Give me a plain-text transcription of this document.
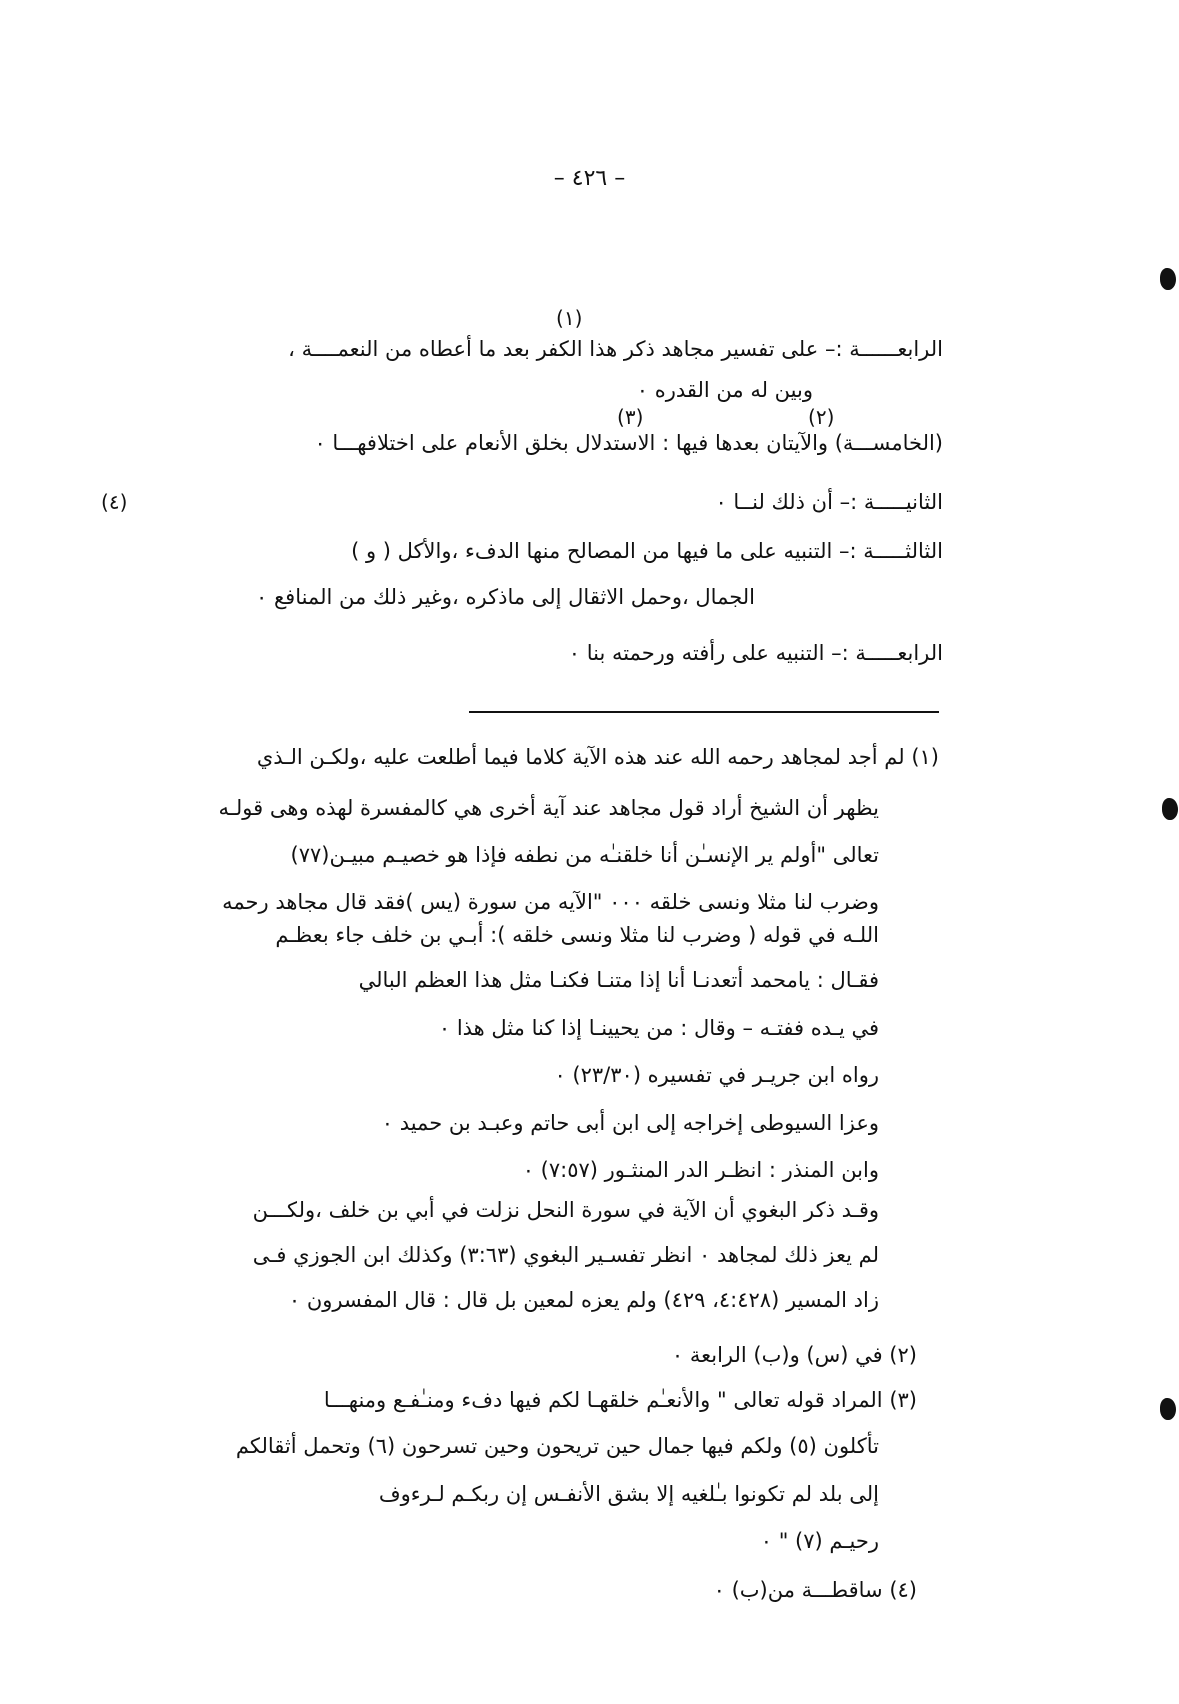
– ٤٢٦ –
(١)
الرابعــــــة :– على تفسير مجاهد ذكر هذا الكفر بعد ما أعطاه من النعمــــة ،
وبين له من القدره ٠
(٣)	(٢)
(الخامســـة) والآيتان بعدها فيها : الاستدلال بخلق الأنعام على اختلافهـــا ٠
(٤)	الثانيـــــة :– أن ذلك لنــا ٠
الثالثـــــة :– التنبيه على ما فيها من المصالح منها الدفء ،والأكل ( و )
الجمال ،وحمل الاثقال إلى ماذكره ،وغير ذلك من المنافع ٠
الرابعـــــة :– التنبيه على رأفته ورحمته بنا ٠
(١) لم أجد لمجاهد رحمه الله عند هذه الآية كلاما فيما أطلعت عليه ،ولكـن الـذي
يظهر أن الشيخ أراد قول مجاهد عند آية أخرى هي كالمفسرة لهذه وهى قولـه
تعالى "أولم ير الإنسـٰن أنا خلقنـٰه من نطفه فإذا هو خصيـم مبيـن(٧٧)
وضرب لنا مثلا ونسى خلقه ٠٠٠ "الآيه من سورة (يس )فقد قال مجاهد رحمه
اللـه في قوله ( وضرب لنا مثلا ونسى خلقه ): أبـي بن خلف جاء بعظـم
فقـال : يامحمد أتعدنـا أنا إذا متنـا فكنـا مثل هذا العظم البالي
في يـده ففتـه – وقال : من يحيينـا إذا كنا مثل هذا ٠
رواه ابن جريـر في تفسيره (٢٣/٣٠) ٠
وعزا السيوطى إخراجه إلى ابن أبى حاتم وعبـد بن حميد ٠
وابن المنذر : انظـر الدر المنثـور (٧:٥٧) ٠
وقـد ذكر البغوي أن الآية في سورة النحل نزلت في أبي بن خلف ،ولكـــن
لم يعز ذلك لمجاهد ٠ انظر تفسـير البغوي (٣:٦٣) وكذلك ابن الجوزي فـى
زاد المسير (٤:٤٢٨، ٤٢٩) ولم يعزه لمعين بل قال : قال المفسرون ٠
(٢) في (س) و(ب) الرابعة ٠
(٣) المراد قوله تعالى " والأنعـٰم خلقهـا لكم فيها دفء ومنـٰفـع ومنهـــا
تأكلون (٥) ولكم فيها جمال حين تريحون وحين تسرحون (٦) وتحمل أثقالكم
إلى بلد لم تكونوا بـٰلغيه إلا بشق الأنفـس إن ربكـم لـرءوف
رحيـم (٧) " ٠
(٤) ساقطـــة من(ب) ٠
